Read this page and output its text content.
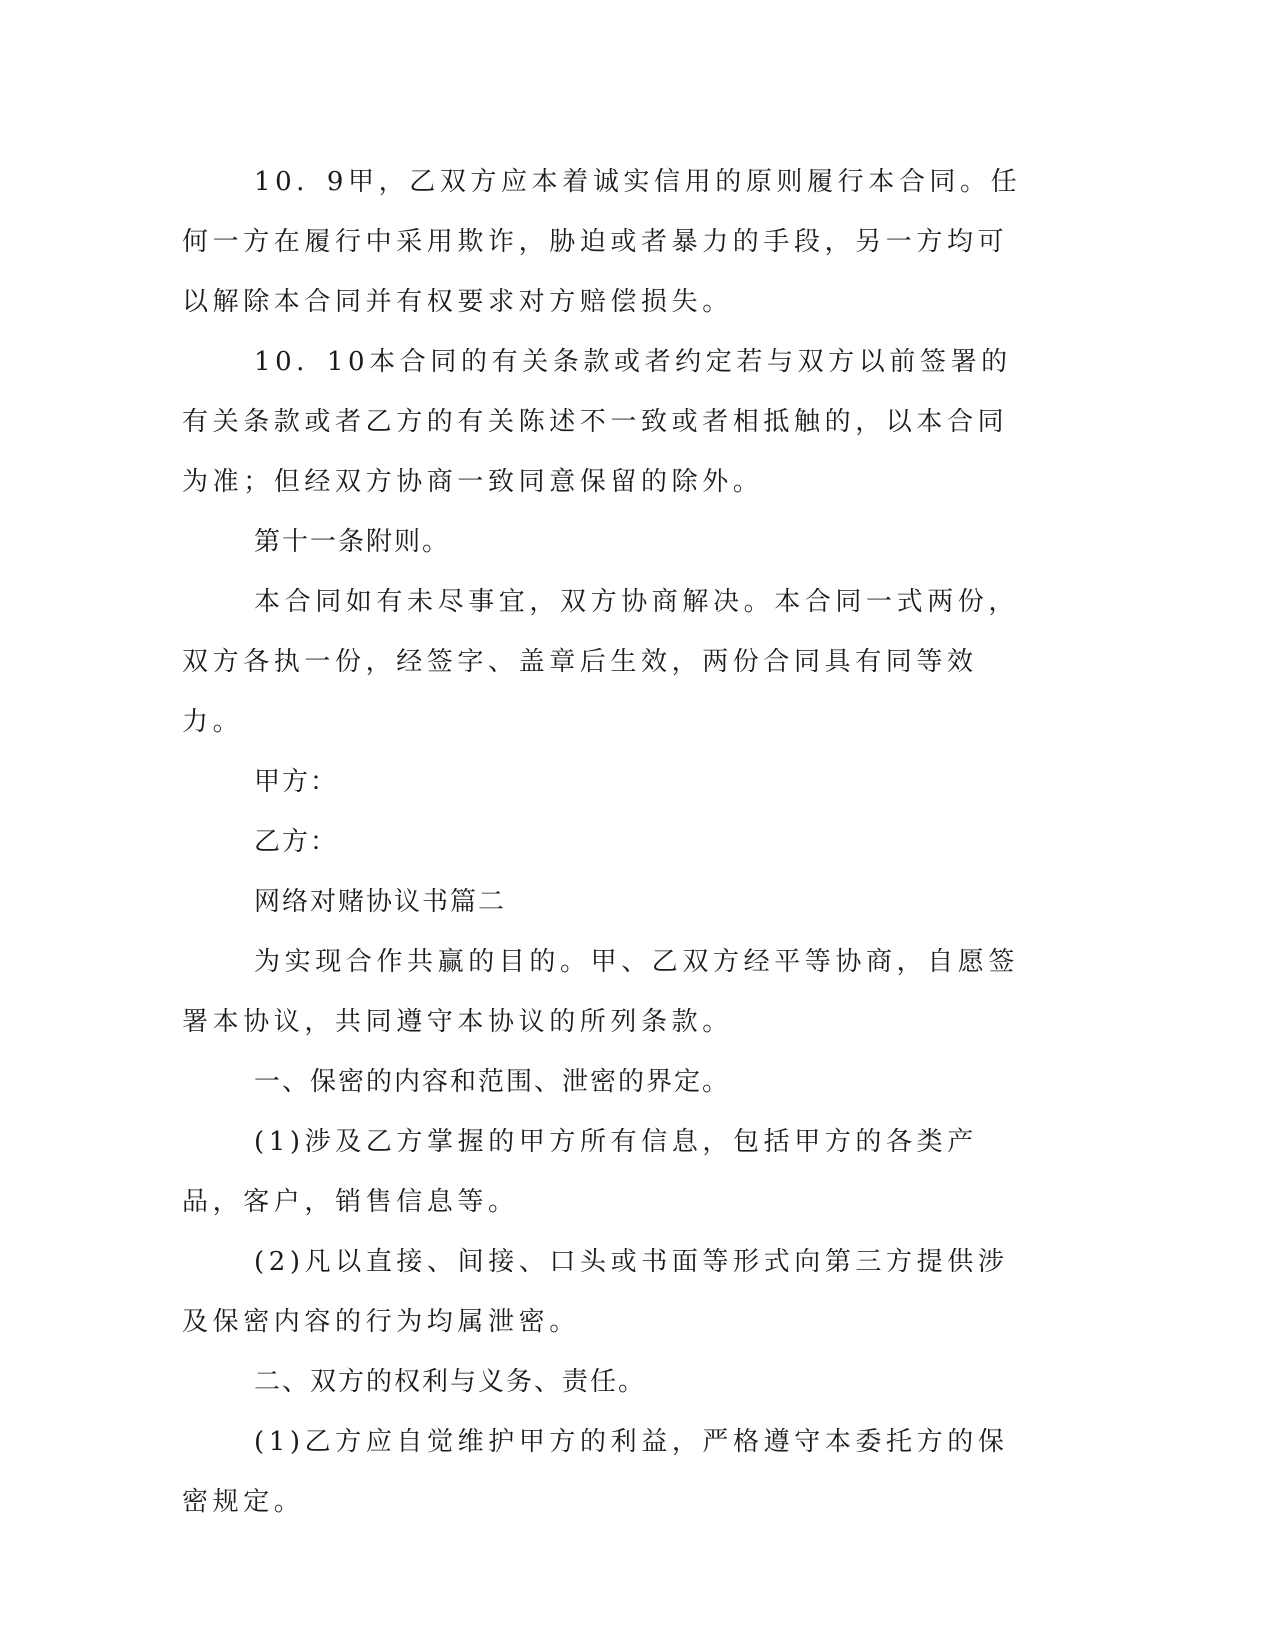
10．9甲，乙双方应本着诚实信用的原则履行本合同。任何一方在履行中采用欺诈，胁迫或者暴力的手段，另一方均可以解除本合同并有权要求对方赔偿损失。

10．10本合同的有关条款或者约定若与双方以前签署的有关条款或者乙方的有关陈述不一致或者相抵触的，以本合同为准；但经双方协商一致同意保留的除外。

第十一条附则。

本合同如有未尽事宜，双方协商解决。本合同一式两份，双方各执一份，经签字、盖章后生效，两份合同具有同等效力。

甲方：

乙方：

网络对赌协议书篇二

为实现合作共赢的目的。甲、乙双方经平等协商，自愿签署本协议，共同遵守本协议的所列条款。

一、保密的内容和范围、泄密的界定。

(1)涉及乙方掌握的甲方所有信息，包括甲方的各类产品，客户，销售信息等。

(2)凡以直接、间接、口头或书面等形式向第三方提供涉及保密内容的行为均属泄密。

二、双方的权利与义务、责任。

(1)乙方应自觉维护甲方的利益，严格遵守本委托方的保密规定。
